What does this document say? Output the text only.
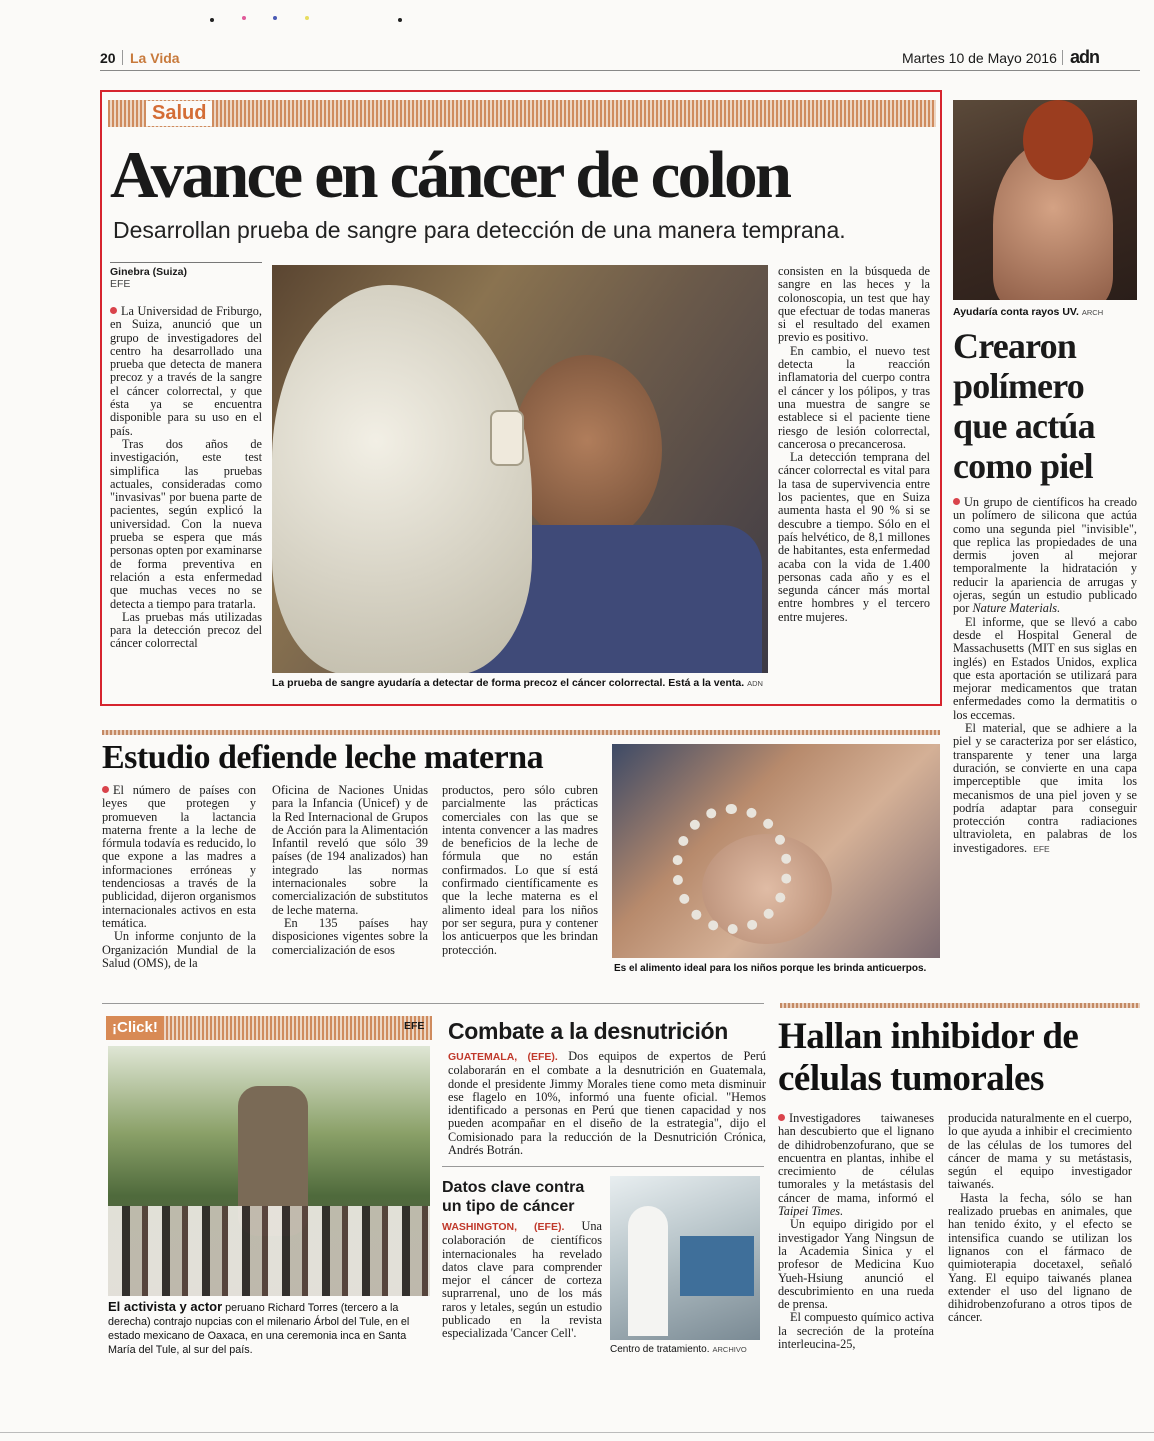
20 La Vida	Martes 10 de Mayo 2016 adn
Salud
Avance en cáncer de colon
Desarrollan prueba de sangre para detección de una manera temprana.
Ginebra (Suiza)
EFE

La Universidad de Friburgo, en Suiza, anunció que un grupo de investigadores del centro ha desarrollado una prueba que detecta de manera precoz y a través de la sangre el cáncer colorrectal, y que ésta ya se encuentra disponible para su uso en el país.

Tras dos años de investigación, este test simplifica las pruebas actuales, consideradas como "invasivas" por buena parte de pacientes, según explicó la universidad. Con la nueva prueba se espera que más personas opten por examinarse de forma preventiva en relación a esta enfermedad que muchas veces no se detecta a tiempo para tratarla.

Las pruebas más utilizadas para la detección precoz del cáncer colorrectal

La prueba de sangre ayudaría a detectar de forma precoz el cáncer colorrectal. Está a la venta. ADN

consisten en la búsqueda de sangre en las heces y la colonoscopia, un test que hay que efectuar de todas maneras si el resultado del examen previo es positivo.

En cambio, el nuevo test detecta la reacción inflamatoria del cuerpo contra el cáncer y los pólipos, y tras una muestra de sangre se establece si el paciente tiene riesgo de lesión colorrectal, cancerosa o precancerosa.

La detección temprana del cáncer colorrectal es vital para la tasa de supervivencia entre los pacientes, que en Suiza aumenta hasta el 90 % si se descubre a tiempo. Sólo en el país helvético, de 8,1 millones de habitantes, esta enfermedad acaba con la vida de 1.400 personas cada año y es el segunda cáncer más mortal entre hombres y el tercero entre mujeres.

Ayudaría conta rayos UV. ARCH
Crearon polímero que actúa como piel

Un grupo de científicos ha creado un polímero de silicona que actúa como una segunda piel "invisible", que replica las propiedades de una dermis joven al mejorar temporalmente la hidratación y reducir la apariencia de arrugas y ojeras, según un estudio publicado por Nature Materials.

El informe, que se llevó a cabo desde el Hospital General de Massachusetts (MIT en sus siglas en inglés) en Estados Unidos, explica que esta aportación se utilizará para mejorar medicamentos que tratan enfermedades como la dermatitis o los eccemas.

El material, que se adhiere a la piel y se caracteriza por ser elástico, transparente y tener una larga duración, se convierte en una capa imperceptible que imita los mecanismos de una piel joven y se podría adaptar para conseguir protección contra radiaciones ultravioleta, en palabras de los investigadores. EFE

Estudio defiende leche materna

El número de países con leyes que protegen y promueven la lactancia materna frente a la leche de fórmula todavía es reducido, lo que expone a las madres a informaciones erróneas y tendenciosas a través de la publicidad, dijeron organismos internacionales activos en esta temática.

Un informe conjunto de la Organización Mundial de la Salud (OMS), de la

Oficina de Naciones Unidas para la Infancia (Unicef) y de la Red Internacional de Grupos de Acción para la Alimentación Infantil reveló que sólo 39 países (de 194 analizados) han integrado las normas internacionales sobre la comercialización de substitutos de leche materna.

En 135 países hay disposiciones vigentes sobre la comercialización de esos

productos, pero sólo cubren parcialmente las prácticas comerciales con las que se intenta convencer a las madres de beneficios de la leche de fórmula que no están confirmados. Lo que sí está confirmado científicamente es que la leche materna es el alimento ideal para los niños por ser segura, pura y contener los anticuerpos que les brindan protección.

Es el alimento ideal para los niños porque les brinda anticuerpos.
¡Click!	EFE
El activista y actor peruano Richard Torres (tercero a la derecha) contrajo nupcias con el milenario Árbol del Tule, en el estado mexicano de Oaxaca, en una ceremonia inca en Santa María del Tule, al sur del país.
Combate a la desnutrición

GUATEMALA, (EFE). Dos equipos de expertos de Perú colaborarán en el combate a la desnutrición en Guatemala, donde el presidente Jimmy Morales tiene como meta disminuir ese flagelo en 10%, informó una fuente oficial. "Hemos identificado a personas en Perú que tienen capacidad y nos pueden acompañar en el diseño de la estrategia", dijo el Comisionado para la reducción de la Desnutrición Crónica, Andrés Botrán.

Datos clave contra un tipo de cáncer

WASHINGTON, (EFE). Una colaboración de científicos internacionales ha revelado datos clave para comprender mejor el cáncer de corteza suprarrenal, uno de los más raros y letales, según un estudio publicado en la revista especializada 'Cancer Cell'.

Centro de tratamiento. ARCHIVO
Hallan inhibidor de células tumorales

Investigadores taiwaneses han descubierto que el lignano de dihidrobenzofurano, que se encuentra en plantas, inhibe el crecimiento de células tumorales y la metástasis del cáncer de mama, informó el Taipei Times.

Un equipo dirigido por el investigador Yang Ningsun de la Academia Sinica y el profesor de Medicina Kuo Yueh-Hsiung anunció el descubrimiento en una rueda de prensa.

El compuesto químico activa la secreción de la proteína interleucina-25,

producida naturalmente en el cuerpo, lo que ayuda a inhibir el crecimiento de las células de los tumores del cáncer de mama y su metástasis, según el equipo investigador taiwanés.

Hasta la fecha, sólo se han realizado pruebas en animales, que han tenido éxito, y el efecto se intensifica cuando se utilizan los lignanos con el fármaco de quimioterapia docetaxel, señaló Yang. El equipo taiwanés planea extender el uso del lignano de dihidrobenzofurano a otros tipos de cáncer.
